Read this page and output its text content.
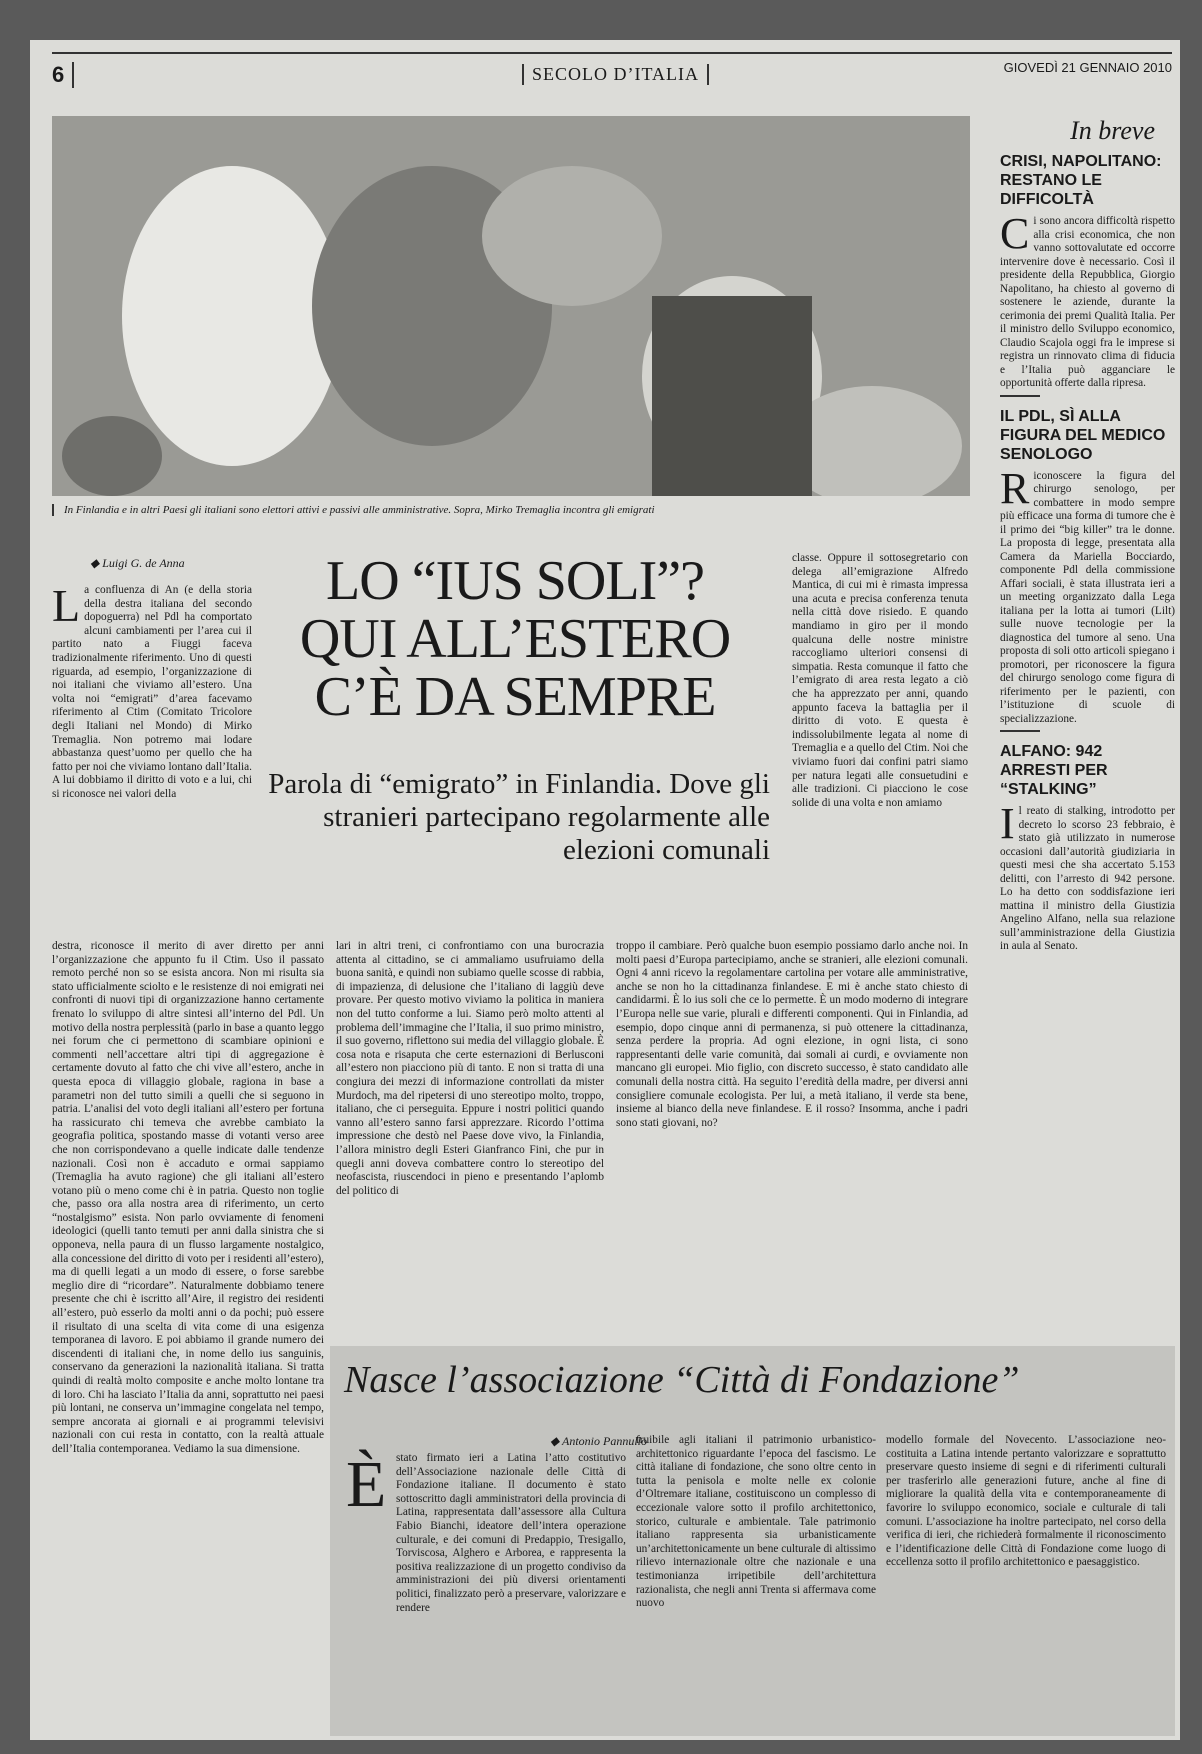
6	SECOLO D’ITALIA	GIOVEDÌ 21 GENNAIO 2010
In Finlandia e in altri Paesi gli italiani sono elettori attivi e passivi alle amministrative. Sopra, Mirko Tremaglia incontra gli emigrati
◆ Luigi G. de Anna	LO “IUS SOLI”?
QUI ALL’ESTERO
C’È DA SEMPRE
Parola di “emigrato” in Finlandia. Dove gli stranieri partecipano regolarmente alle elezioni comunali
L a confluenza di An (e della storia della destra italiana del secondo dopoguerra) nel Pdl ha comportato alcuni cambiamenti per l’area cui il partito nato a Fiuggi faceva tradizionalmente riferimento. Uno di questi riguarda, ad esempio, l’organizzazione di noi italiani che viviamo all’estero. Una volta noi “emigrati” d’area facevamo riferimento al Ctim (Comitato Tricolore degli Italiani nel Mondo) di Mirko Tremaglia. Non potremo mai lodare abbastanza quest’uomo per quello che ha fatto per noi che viviamo lontano dall’Italia. A lui dobbiamo il diritto di voto e a lui, chi si riconosce nei valori della
destra, riconosce il merito di aver diretto per anni l’organizzazione che appunto fu il Ctim. Uso il passato remoto perché non so se esista ancora. Non mi risulta sia stato ufficialmente sciolto e le resistenze di noi emigrati nei confronti di nuovi tipi di organizzazione hanno certamente frenato lo sviluppo di altre sintesi all’interno del Pdl. Un motivo della nostra perplessità (parlo in base a quanto leggo nei forum che ci permettono di scambiare opinioni e commenti nell’accettare altri tipi di aggregazione è certamente dovuto al fatto che chi vive all’estero, anche in questa epoca di villaggio globale, ragiona in base a parametri non del tutto simili a quelli che si seguono in patria. L’analisi del voto degli italiani all’estero per fortuna ha rassicurato chi temeva che avrebbe cambiato la geografia politica, spostando masse di votanti verso aree che non corrispondevano a quelle indicate dalle tendenze nazionali. Così non è accaduto e ormai sappiamo (Tremaglia ha avuto ragione) che gli italiani all’estero votano più o meno come chi è in patria. Questo non toglie che, passo ora alla nostra area di riferimento, un certo “nostalgismo” esista. Non parlo ovviamente di fenomeni ideologici (quelli tanto temuti per anni dalla sinistra che si opponeva, nella paura di un flusso largamente nostalgico, alla concessione del diritto di voto per i residenti all’estero), ma di quelli legati a un modo di essere, o forse sarebbe meglio dire di “ricordare”. Naturalmente dobbiamo tenere presente che chi è iscritto all’Aire, il registro dei residenti all’estero, può esserlo da molti anni o da pochi; può essere il risultato di una scelta di vita come di una esigenza temporanea di lavoro. E poi abbiamo il grande numero dei discendenti di italiani che, in nome dello ius sanguinis, conservano da generazioni la nazionalità italiana. Si tratta quindi di realtà molto composite e anche molto lontane tra di loro. Chi ha lasciato l’Italia da anni, soprattutto nei paesi più lontani, ne conserva un’immagine congelata nel tempo, sempre ancorata ai giornali e ai programmi televisivi nazionali con cui resta in contatto, con la realtà attuale dell’Italia contemporanea. Vediamo la sua dimensione.
lari in altri treni, ci confrontiamo con una burocrazia attenta al cittadino, se ci ammaliamo usufruiamo della buona sanità, e quindi non subiamo quelle scosse di rabbia, di impazienza, di delusione che l’italiano di laggiù deve provare. Per questo motivo viviamo la politica in maniera non del tutto conforme a lui. Siamo però molto attenti al problema dell’immagine che l’Italia, il suo primo ministro, il suo governo, riflettono sui media del villaggio globale. È cosa nota e risaputa che certe esternazioni di Berlusconi all’estero non piacciono più di tanto. E non si tratta di una congiura dei mezzi di informazione controllati da mister Murdoch, ma del ripetersi di uno stereotipo molto, troppo, italiano, che ci perseguita. Eppure i nostri politici quando vanno all’estero sanno farsi apprezzare. Ricordo l’ottima impressione che destò nel Paese dove vivo, la Finlandia, l’allora ministro degli Esteri Gianfranco Fini, che pur in quegli anni doveva combattere contro lo stereotipo del neofascista, riuscendoci in pieno e presentando l’aplomb del politico di
classe. Oppure il sottosegretario con delega all’emigrazione Alfredo Mantica, di cui mi è rimasta impressa una acuta e precisa conferenza tenuta nella città dove risiedo. E quando mandiamo in giro per il mondo qualcuna delle nostre ministre raccogliamo ulteriori consensi di simpatia. Resta comunque il fatto che l’emigrato di area resta legato a ciò che ha apprezzato per anni, quando appunto faceva la battaglia per il diritto di voto. E questa è indissolubilmente legata al nome di Tremaglia e a quello del Ctim. Noi che viviamo fuori dai confini patri siamo per natura legati alle consuetudini e alle tradizioni. Ci piacciono le cose solide di una volta e non amiamo
troppo il cambiare. Però qualche buon esempio possiamo darlo anche noi. In molti paesi d’Europa partecipiamo, anche se stranieri, alle elezioni comunali. Ogni 4 anni ricevo la regolamentare cartolina per votare alle amministrative, anche se non ho la cittadinanza finlandese. E mi è anche stato chiesto di candidarmi. È lo ius soli che ce lo permette. È un modo moderno di integrare l’Europa nelle sue varie, plurali e differenti componenti. Qui in Finlandia, ad esempio, dopo cinque anni di permanenza, si può ottenere la cittadinanza, senza perdere la propria. Ad ogni elezione, in ogni lista, ci sono rappresentanti delle varie comunità, dai somali ai curdi, e ovviamente non mancano gli europei. Mio figlio, con discreto successo, è stato candidato alle comunali della nostra città. Ha seguito l’eredità della madre, per diversi anni consigliere comunale ecologista. Per lui, a metà italiano, il verde sta bene, insieme al bianco della neve finlandese. E il rosso? Insomma, anche i padri sono stati giovani, no?
In breve
CRISI, NAPOLITANO: RESTANO LE DIFFICOLTÀ
C i sono ancora difficoltà rispetto alla crisi economica, che non vanno sottovalutate ed occorre intervenire dove è necessario. Così il presidente della Repubblica, Giorgio Napolitano, ha chiesto al governo di sostenere le aziende, durante la cerimonia dei premi Qualità Italia. Per il ministro dello Sviluppo economico, Claudio Scajola oggi fra le imprese si registra un rinnovato clima di fiducia e l’Italia può agganciare le opportunità offerte dalla ripresa.
IL PDL, SÌ ALLA FIGURA DEL MEDICO SENOLOGO
R iconoscere la figura del chirurgo senologo, per combattere in modo sempre più efficace una forma di tumore che è il primo dei “big killer” tra le donne. La proposta di legge, presentata alla Camera da Mariella Bocciardo, componente Pdl della commissione Affari sociali, è stata illustrata ieri a un meeting organizzato dalla Lega italiana per la lotta ai tumori (Lilt) sulle nuove tecnologie per la diagnostica del tumore al seno. Una proposta di soli otto articoli spiegano i promotori, per riconoscere la figura del chirurgo senologo come figura di riferimento per le pazienti, con l’istituzione di scuole di specializzazione.
ALFANO: 942 ARRESTI PER “STALKING”
I l reato di stalking, introdotto per decreto lo scorso 23 febbraio, è stato già utilizzato in numerose occasioni dall’autorità giudiziaria in questi mesi che sha accertato 5.153 delitti, con l’arresto di 942 persone. Lo ha detto con soddisfazione ieri mattina il ministro della Giustizia Angelino Alfano, nella sua relazione sull’amministrazione della Giustizia in aula al Senato.
Nasce l’associazione “Città di Fondazione”
◆ Antonio Pannullo
È stato firmato ieri a Latina l’atto costitutivo dell’Associazione nazionale delle Città di Fondazione italiane. Il documento è stato sottoscritto dagli amministratori della provincia di Latina, rappresentata dall’assessore alla Cultura Fabio Bianchi, ideatore dell’intera operazione culturale, e dei comuni di Predappio, Tresigallo, Torviscosa, Alghero e Arborea, e rappresenta la positiva realizzazione di un progetto condiviso da amministrazioni dei più diversi orientamenti politici, finalizzato però a preservare, valorizzare e rendere
fruibile agli italiani il patrimonio urbanistico-architettonico riguardante l’epoca del fascismo. Le città italiane di fondazione, che sono oltre cento in tutta la penisola e molte nelle ex colonie d’Oltremare italiane, costituiscono un complesso di eccezionale valore sotto il profilo architettonico, storico, culturale e ambientale. Tale patrimonio italiano rappresenta sia urbanisticamente un’architettonicamente un bene culturale di altissimo rilievo internazionale oltre che nazionale e una testimonianza irripetibile dell’architettura razionalista, che negli anni Trenta si affermava come nuovo
modello formale del Novecento. L’associazione neo-costituita a Latina intende pertanto valorizzare e soprattutto preservare questo insieme di segni e di riferimenti culturali per trasferirlo alle generazioni future, anche al fine di migliorare la qualità della vita e contemporaneamente di favorire lo sviluppo economico, sociale e culturale di tali comuni. L’associazione ha inoltre partecipato, nel corso della verifica di ieri, che richiederà formalmente il riconoscimento e l’identificazione delle Città di Fondazione come luogo di eccellenza sotto il profilo architettonico e paesaggistico.
